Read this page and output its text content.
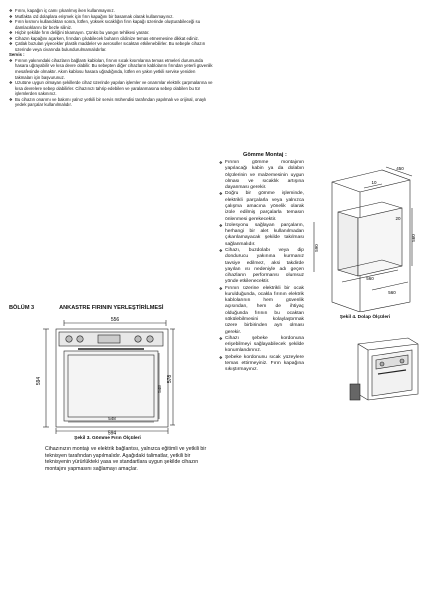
❖ Fırını, kapağın iç camı çıkarılmış iken kullanmayınız.
❖ Mutfakta ızd dolaplara erişmek için fırın kapağını bir basamak olarak kullanmayınız.
❖ Fırın kısmını kullandıktan sonra, lütfen, yüksek sıcaklığın fırın kapağı üzerinde oluşturabileceği su damlacıklarını bir bezle siliniz.
❖ Hiçbir şekilde fırın deliğini tıkamayın. Çünkü bu yangın tehlikesi yaratır.
❖ Cihazın kapağını açarken, fırından çıkabilecek buharın cildinize temas etmemesine dikkat ediniz.
❖ Çatlak bozulan yiyecekler plastik maddeler ve aerosoller sıcaktan etkilenebilirler. Bu sebeple cihazın üzerinde veya civarında bulundurulmamalıdırlar.
Servis :
❖ Fırının yakınındaki cihazların bağlantı kabloları, fırının sıcak kısımlarına temas etmeleri durumunda hasara uğrayabilir ve kısa devre olabilir. Bu sebepten diğer cihazların kablolarını fırından yeterli güvenlik mesafesinde olmaktır. Akım kablosu hasara uğradığında, lütfen en yakın yetkili servise yeniden takmaları için başvurunuz.
❖ Uzutüne uygun olmayan şekillerde cihaz üzerinde yapılan işlemler ve onarımlar elektrik çarpmalarına ve kısa devrelere sebep olabilirler. Cihazınızı tahrip edebilen ve yaralanmasına sebep olabilen bu tür işlemlerden sakınınız.
❖ Bu cihazın onarımı ve bakımı yalnız yetkili bir servis mühendisi tarafından yapılmalı ve orijinal, onaylı yedek parçalar kullanılmalıdır.
BÖLÜM 3	ANKASTRE FIRININ YERLEŞTİRİLMESİ
556
594	578
548
548
594
Şekil 3. Gömme Fırın Ölçüleri
Cihazınızın montajı ve elektrik bağlantısı, yalnızca eğitimli ve yetkili bir teknisyen tarafından yapılmalıdır. Aşağıdaki talimatlar, yetkili bir teknisyenin yürürlükteki yasa ve standartlara uygun şekilde cihazın montajını yapmasını sağlamayı amaçlar.
Gömme Montaj :
❖ Fırının gömme montajının yapılacağı kabin ya da dolabın ölçülerinin ve malzemesinin uygun olması ve sıcaklık artışına dayanması gerekir.
❖ Doğru bir gömme işleminde, elektrikli parçalarla veya yalnızca çalışma amacına yönelik olarak izole edilmiş parçalarla temasın önlenmesi gerekecektir.
❖ İzolesyonu sağlayan parçaların, herhangi bir alet kullanılmadan çıkarılamayacak şekilde takılması sağlanmalıdır.
❖ Cihazı, buzdolabı veya dip dondurucu yakınına kurmanız tavsiye edilmez, aksi takdirde yayılan ısı nedeniyle adı geçen cihazların performansı olumsuz yönde etkilenecektir.
❖ Fırının üzerine elektrikli bir ocak kurulduğunda, ocakla fırının elektrik kablolarının hem güvenlik açısından, hem de ihtiyaç olduğunda fırının bu ocaktan sökülebilmesini kolaylaştırmak üzere birbirinden ayrı olması gerekir.
❖ Cihazı şebeke kordonuna erişebilmeyi sağlayabilecek şekilde konumlandırınız.
❖ Şebeke kordonunu sıcak yüzeylere temas ettirmeyiniz. Fırın kapağına sıkıştırmayınız.
450
10
560
20
590
560
560
Şekil 4. Dolap Ölçüleri
